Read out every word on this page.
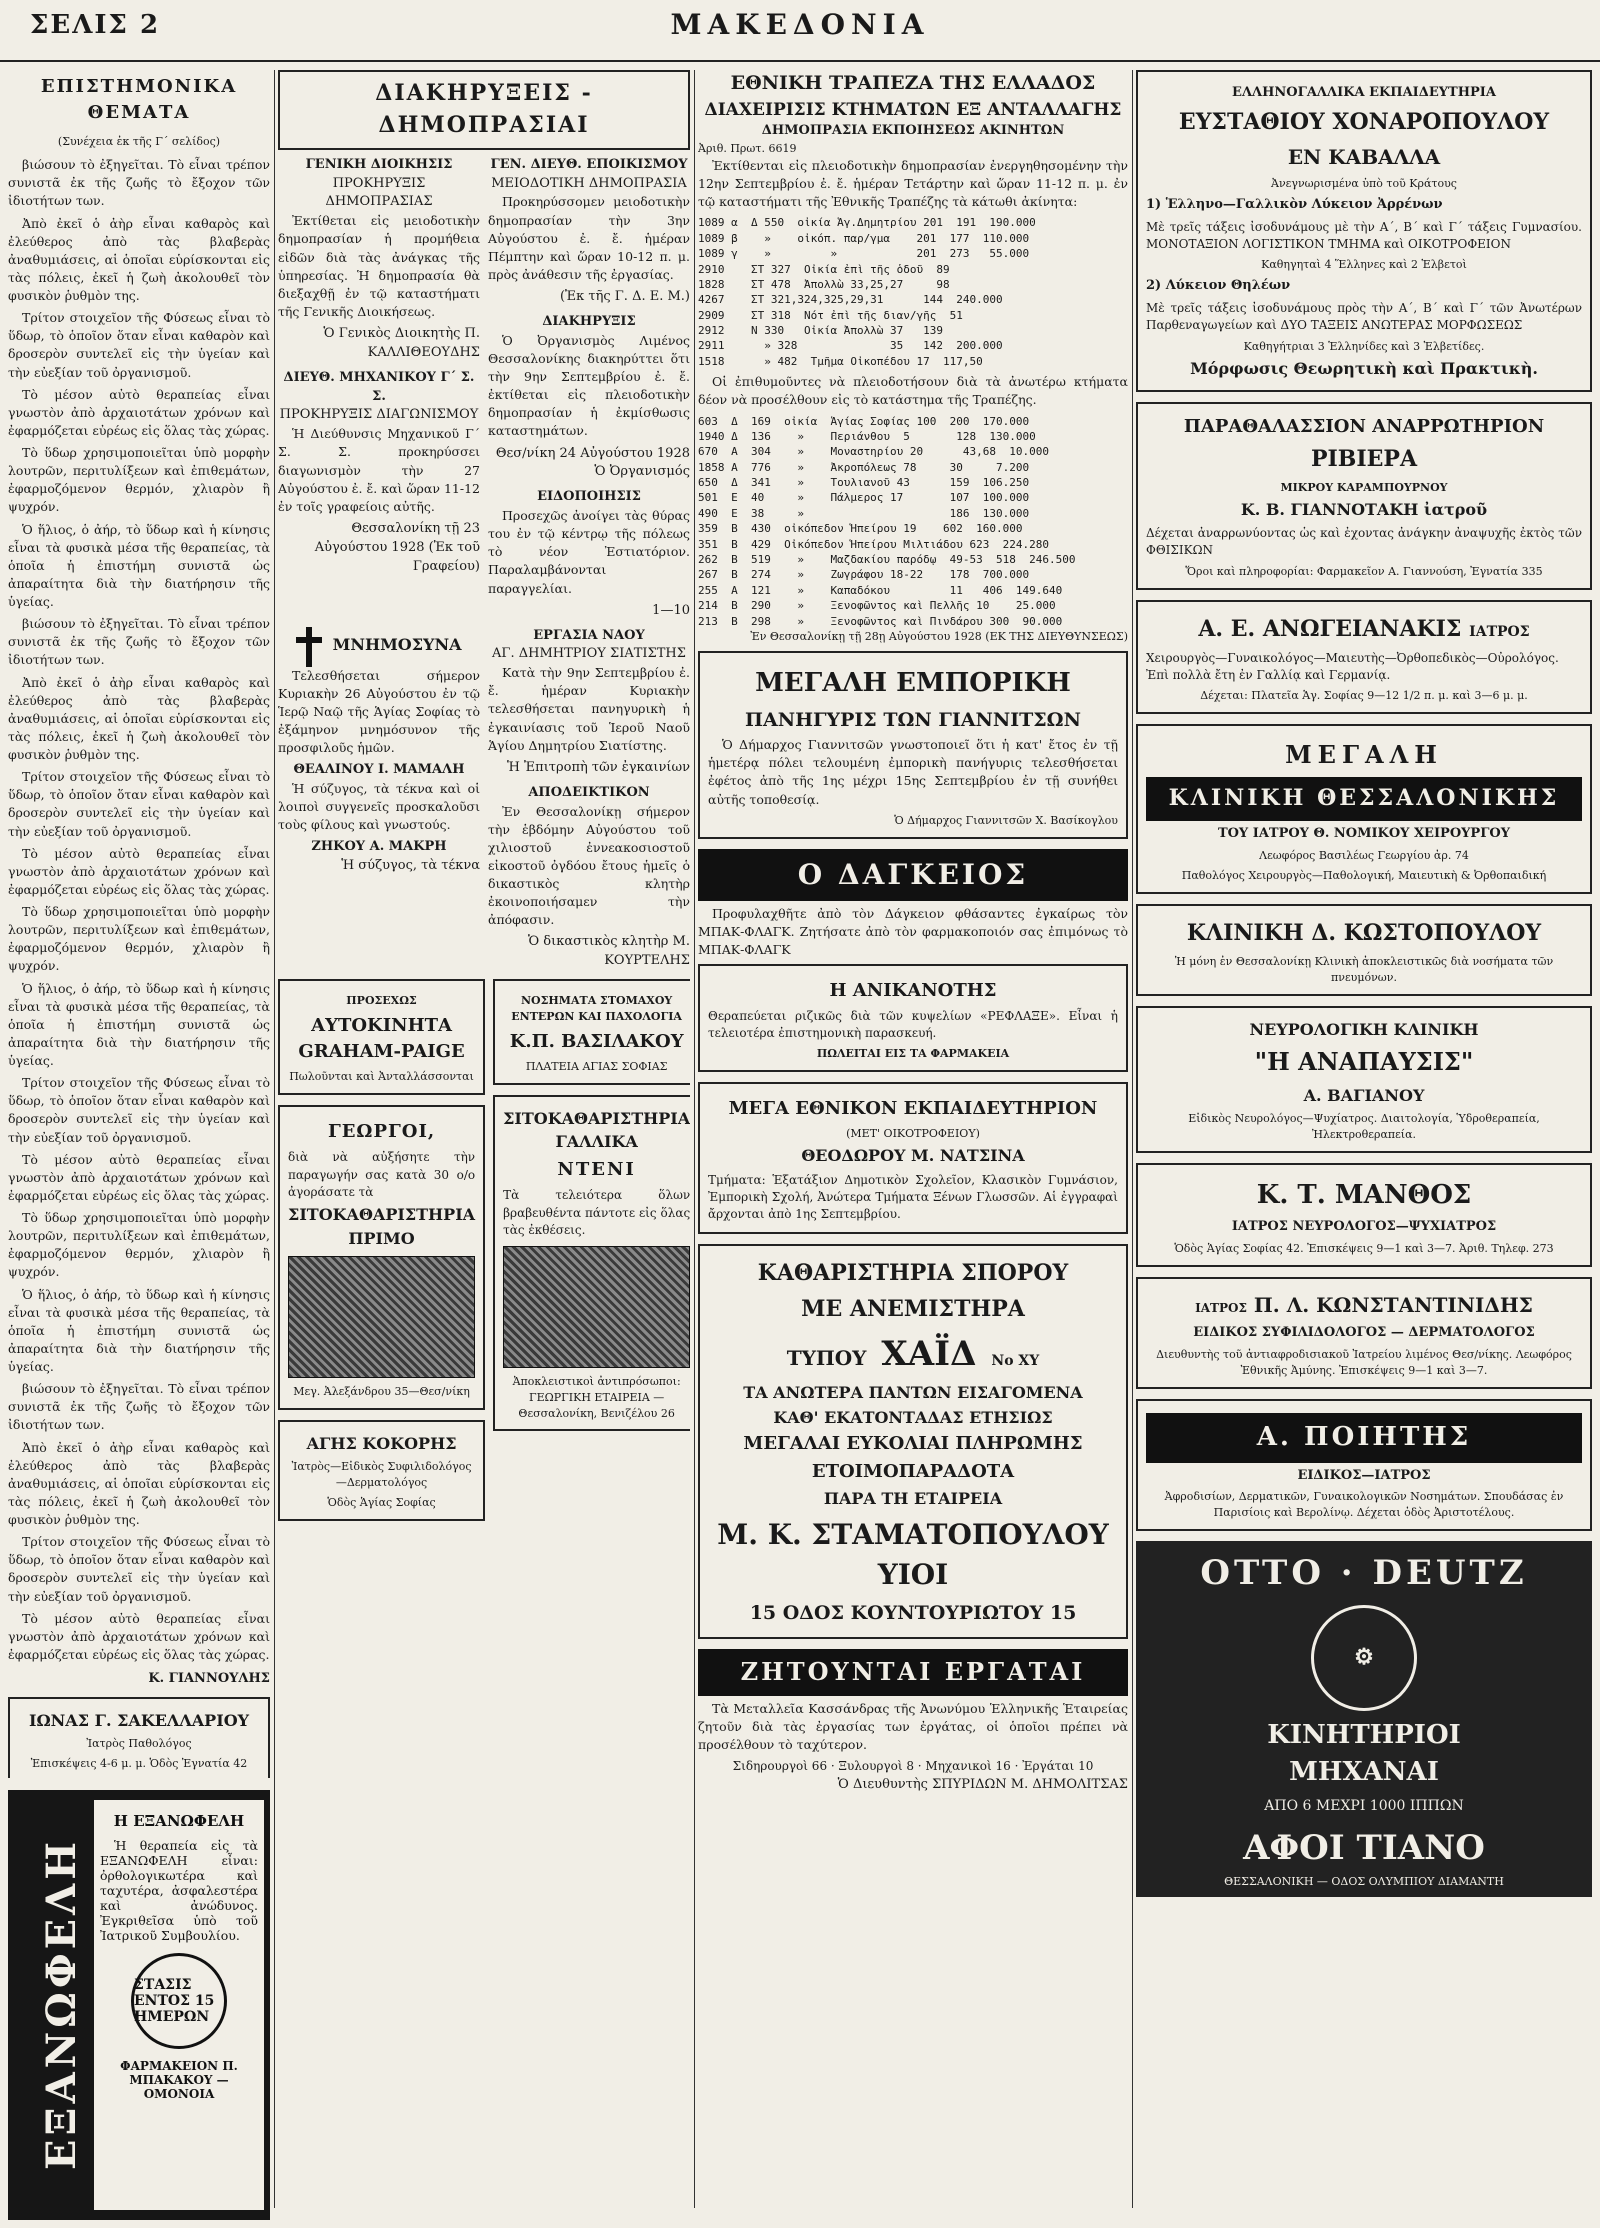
ΣΕΛΙΣ 2	ΜΑΚΕΔΟΝΙΑ
ΕΠΙΣΤΗΜΟΝΙΚΑ ΘΕΜΑΤΑ
(Συνέχεια ἐκ τῆς Γ΄ σελίδος)

βιώσουν τὸ ἐξηγεῖται. Τὸ εἶναι τρέπον συνιστᾶ ἐκ τῆς ζωῆς τὸ ἔξοχον τῶν ἰδιοτήτων των.

Ἀπὸ ἐκεῖ ὁ ἀὴρ εἶναι καθαρὸς καὶ ἐλεύθερος ἀπὸ τὰς βλαβερὰς ἀναθυμιάσεις, αἱ ὁποῖαι εὑρίσκονται εἰς τὰς πόλεις, ἐκεῖ ἡ ζωὴ ἀκολουθεῖ τὸν φυσικὸν ῥυθμὸν της.

Τρίτον στοιχεῖον τῆς Φύσεως εἶναι τὸ ὕδωρ, τὸ ὁποῖον ὅταν εἶναι καθαρὸν καὶ δροσερὸν συντελεῖ εἰς τὴν ὑγείαν καὶ τὴν εὐεξίαν τοῦ ὀργανισμοῦ.

Τὸ μέσον αὐτὸ θεραπείας εἶναι γνωστὸν ἀπὸ ἀρχαιοτάτων χρόνων καὶ ἐφαρμόζεται εὐρέως εἰς ὅλας τὰς χώρας.

Τὸ ὕδωρ χρησιμοποιεῖται ὑπὸ μορφὴν λουτρῶν, περιτυλίξεων καὶ ἐπιθεμάτων, ἐφαρμοζόμενον θερμόν, χλιαρὸν ἢ ψυχρόν.

Ὁ ἥλιος, ὁ ἀήρ, τὸ ὕδωρ καὶ ἡ κίνησις εἶναι τὰ φυσικὰ μέσα τῆς θεραπείας, τὰ ὁποῖα ἡ ἐπιστήμη συνιστᾶ ὡς ἀπαραίτητα διὰ τὴν διατήρησιν τῆς ὑγείας.

βιώσουν τὸ ἐξηγεῖται. Τὸ εἶναι τρέπον συνιστᾶ ἐκ τῆς ζωῆς τὸ ἔξοχον τῶν ἰδιοτήτων των.

Ἀπὸ ἐκεῖ ὁ ἀὴρ εἶναι καθαρὸς καὶ ἐλεύθερος ἀπὸ τὰς βλαβερὰς ἀναθυμιάσεις, αἱ ὁποῖαι εὑρίσκονται εἰς τὰς πόλεις, ἐκεῖ ἡ ζωὴ ἀκολουθεῖ τὸν φυσικὸν ῥυθμὸν της.

Τρίτον στοιχεῖον τῆς Φύσεως εἶναι τὸ ὕδωρ, τὸ ὁποῖον ὅταν εἶναι καθαρὸν καὶ δροσερὸν συντελεῖ εἰς τὴν ὑγείαν καὶ τὴν εὐεξίαν τοῦ ὀργανισμοῦ.

Τὸ μέσον αὐτὸ θεραπείας εἶναι γνωστὸν ἀπὸ ἀρχαιοτάτων χρόνων καὶ ἐφαρμόζεται εὐρέως εἰς ὅλας τὰς χώρας.

Τὸ ὕδωρ χρησιμοποιεῖται ὑπὸ μορφὴν λουτρῶν, περιτυλίξεων καὶ ἐπιθεμάτων, ἐφαρμοζόμενον θερμόν, χλιαρὸν ἢ ψυχρόν.

Ὁ ἥλιος, ὁ ἀήρ, τὸ ὕδωρ καὶ ἡ κίνησις εἶναι τὰ φυσικὰ μέσα τῆς θεραπείας, τὰ ὁποῖα ἡ ἐπιστήμη συνιστᾶ ὡς ἀπαραίτητα διὰ τὴν διατήρησιν τῆς ὑγείας.

Τρίτον στοιχεῖον τῆς Φύσεως εἶναι τὸ ὕδωρ, τὸ ὁποῖον ὅταν εἶναι καθαρὸν καὶ δροσερὸν συντελεῖ εἰς τὴν ὑγείαν καὶ τὴν εὐεξίαν τοῦ ὀργανισμοῦ.

Τὸ μέσον αὐτὸ θεραπείας εἶναι γνωστὸν ἀπὸ ἀρχαιοτάτων χρόνων καὶ ἐφαρμόζεται εὐρέως εἰς ὅλας τὰς χώρας.

Τὸ ὕδωρ χρησιμοποιεῖται ὑπὸ μορφὴν λουτρῶν, περιτυλίξεων καὶ ἐπιθεμάτων, ἐφαρμοζόμενον θερμόν, χλιαρὸν ἢ ψυχρόν.

Ὁ ἥλιος, ὁ ἀήρ, τὸ ὕδωρ καὶ ἡ κίνησις εἶναι τὰ φυσικὰ μέσα τῆς θεραπείας, τὰ ὁποῖα ἡ ἐπιστήμη συνιστᾶ ὡς ἀπαραίτητα διὰ τὴν διατήρησιν τῆς ὑγείας.

βιώσουν τὸ ἐξηγεῖται. Τὸ εἶναι τρέπον συνιστᾶ ἐκ τῆς ζωῆς τὸ ἔξοχον τῶν ἰδιοτήτων των.

Ἀπὸ ἐκεῖ ὁ ἀὴρ εἶναι καθαρὸς καὶ ἐλεύθερος ἀπὸ τὰς βλαβερὰς ἀναθυμιάσεις, αἱ ὁποῖαι εὑρίσκονται εἰς τὰς πόλεις, ἐκεῖ ἡ ζωὴ ἀκολουθεῖ τὸν φυσικὸν ῥυθμὸν της.

Τρίτον στοιχεῖον τῆς Φύσεως εἶναι τὸ ὕδωρ, τὸ ὁποῖον ὅταν εἶναι καθαρὸν καὶ δροσερὸν συντελεῖ εἰς τὴν ὑγείαν καὶ τὴν εὐεξίαν τοῦ ὀργανισμοῦ.

Τὸ μέσον αὐτὸ θεραπείας εἶναι γνωστὸν ἀπὸ ἀρχαιοτάτων χρόνων καὶ ἐφαρμόζεται εὐρέως εἰς ὅλας τὰς χώρας.

Κ. ΓΙΑΝΝΟΥΛΗΣ
ΙΩΝΑΣ Γ. ΣΑΚΕΛΛΑΡΙΟΥ
Ἰατρὸς Παθολόγος
Ἐπισκέψεις 4-6 μ. μ. Ὁδὸς Ἐγνατία 42
ΕΞΑΝΩΦΕΛΗ
Η ΕΞΑΝΩΦΕΛΗ

Ἡ θεραπεία εἰς τὰ ΕΞΑΝΩΦΕΛΗ εἶναι: ὀρθολογικωτέρα καὶ ταχυτέρα, ἀσφαλεστέρα καὶ ἀνώδυνος. Ἐγκριθεῖσα ὑπὸ τοῦ Ἰατρικοῦ Συμβουλίου.

ΣΤΑΣΙΣ ΕΝΤΟΣ 15 ΗΜΕΡΩΝ
ΦΑΡΜΑΚΕΙΟΝ Π. ΜΠΑΚΑΚΟΥ — ΟΜΟΝΟΙΑ
ΔΙΑΚΗΡΥΞΕΙΣ - ΔΗΜΟΠΡΑΣΙΑΙ
ΓΕΝΙΚΗ ΔΙΟΙΚΗΣΙΣ
ΠΡΟΚΗΡΥΞΙΣ ΔΗΜΟΠΡΑΣΙΑΣ

Ἐκτίθεται εἰς μειοδοτικὴν δημοπρασίαν ἡ προμήθεια εἰδῶν διὰ τὰς ἀνάγκας τῆς ὑπηρεσίας. Ἡ δημοπρασία θὰ διεξαχθῇ ἐν τῷ καταστήματι τῆς Γενικῆς Διοικήσεως.

Ὁ Γενικὸς Διοικητὴς Π. ΚΑΛΛΙΘΕΟΥΔΗΣ
ΔΙΕΥΘ. ΜΗΧΑΝΙΚΟΥ Γ΄ Σ. Σ.
ΠΡΟΚΗΡΥΞΙΣ ΔΙΑΓΩΝΙΣΜΟΥ

Ἡ Διεύθυνσις Μηχανικοῦ Γ΄ Σ. Σ. προκηρύσσει διαγωνισμὸν τὴν 27 Αὐγούστου ἐ. ἔ. καὶ ὥραν 11-12 ἐν τοῖς γραφείοις αὐτῆς.

Θεσσαλονίκη τῇ 23 Αὐγούστου 1928 (Ἐκ τοῦ Γραφείου)
ΓΕΝ. ΔΙΕΥΘ. ΕΠΟΙΚΙΣΜΟΥ
ΜΕΙΟΔΟΤΙΚΗ ΔΗΜΟΠΡΑΣΙΑ

Προκηρύσσομεν μειοδοτικὴν δημοπρασίαν τὴν 3ην Αὐγούστου ἐ. ἔ. ἡμέραν Πέμπτην καὶ ὥραν 10-12 π. μ. πρὸς ἀνάθεσιν τῆς ἐργασίας.

(Ἐκ τῆς Γ. Δ. Ε. Μ.)
ΔΙΑΚΗΡΥΞΙΣ

Ὁ Ὀργανισμὸς Λιμένος Θεσσαλονίκης διακηρύττει ὅτι τὴν 9ην Σεπτεμβρίου ἐ. ἔ. ἐκτίθεται εἰς πλειοδοτικὴν δημοπρασίαν ἡ ἐκμίσθωσις καταστημάτων.

Θεσ/νίκη 24 Αὐγούστου 1928 Ὁ Ὀργανισμός
ΕΙΔΟΠΟΙΗΣΙΣ

Προσεχῶς ἀνοίγει τὰς θύρας του ἐν τῷ κέντρῳ τῆς πόλεως τὸ νέον Ἐστιατόριον. Παραλαμβάνονται παραγγελίαι.

1—10
ΜΝΗΜΟΣΥΝΑ

Τελεσθήσεται σήμερον Κυριακὴν 26 Αὐγούστου ἐν τῷ Ἱερῷ Ναῷ τῆς Ἁγίας Σοφίας τὸ ἐξάμηνον μνημόσυνον τῆς προσφιλοῦς ἡμῶν.

ΘΕΑΛΙΝΟΥ Ι. ΜΑΜΑΛΗ

Ἡ σύζυγος, τὰ τέκνα καὶ οἱ λοιποὶ συγγενεῖς προσκαλοῦσι τοὺς φίλους καὶ γνωστούς.

ΖΗΚΟΥ Α. ΜΑΚΡΗ
Ἡ σύζυγος, τὰ τέκνα
ΕΡΓΑΣΙΑ ΝΑΟΥ
ΑΓ. ΔΗΜΗΤΡΙΟΥ ΣΙΑΤΙΣΤΗΣ

Κατὰ τὴν 9ην Σεπτεμβρίου ἐ. ἔ. ἡμέραν Κυριακὴν τελεσθήσεται πανηγυρικὴ ἡ ἐγκαινίασις τοῦ Ἱεροῦ Ναοῦ Ἁγίου Δημητρίου Σιατίστης.

Ἡ Ἐπιτροπὴ τῶν ἐγκαινίων
ΑΠΟΔΕΙΚΤΙΚΟΝ

Ἐν Θεσσαλονίκῃ σήμερον τὴν ἑβδόμην Αὐγούστου τοῦ χιλιοστοῦ ἐννεακοσιοστοῦ εἰκοστοῦ ὀγδόου ἔτους ἡμεῖς ὁ δικαστικὸς κλητὴρ ἐκοινοποιήσαμεν τὴν ἀπόφασιν.

Ὁ δικαστικὸς κλητὴρ Μ. ΚΟΥΡΤΕΛΗΣ
ΠΡΟΣΕΧΩΣ
ΑΥΤΟΚΙΝΗΤΑ GRAHAM-PAIGE
Πωλοῦνται καὶ Ἀνταλλάσσονται
ΓΕΩΡΓΟΙ,
διὰ νὰ αὐξήσητε τὴν παραγωγήν σας κατὰ 30 ο/ο ἀγοράσατε τὰ
ΣΙΤΟΚΑΘΑΡΙΣΤΗΡΙΑ ΠΡΙΜΟ
Μεγ. Ἀλεξάνδρου 35—Θεσ/νίκη
ΑΓΗΣ ΚΟΚΟΡΗΣ
Ἰατρὸς—Εἰδικὸς Συφιλιδολόγος—Δερματολόγος
Ὁδὸς Ἁγίας Σοφίας
ΝΟΣΗΜΑΤΑ ΣΤΟΜΑΧΟΥ ΕΝΤΕΡΩΝ ΚΑΙ ΠΑΧΟΛΟΓΙΑ
Κ.Π. ΒΑΣΙΛΑΚΟΥ
ΠΛΑΤΕΙΑ ΑΓΙΑΣ ΣΟΦΙΑΣ
ΣΙΤΟΚΑΘΑΡΙΣΤΗΡΙΑ ΓΑΛΛΙΚΑ
ΝΤΕΝΙ
Τὰ τελειότερα ὅλων βραβευθέντα πάντοτε εἰς ὅλας τὰς ἐκθέσεις.
Ἀποκλειστικοὶ ἀντιπρόσωποι: ΓΕΩΡΓΙΚΗ ΕΤΑΙΡΕΙΑ — Θεσσαλονίκη, Βενιζέλου 26
ΕΘΝΙΚΗ ΤΡΑΠΕΖΑ ΤΗΣ ΕΛΛΑΔΟΣ
ΔΙΑΧΕΙΡΙΣΙΣ ΚΤΗΜΑΤΩΝ ΕΞ ΑΝΤΑΛΛΑΓΗΣ
ΔΗΜΟΠΡΑΣΙΑ ΕΚΠΟΙΗΣΕΩΣ ΑΚΙΝΗΤΩΝ
Ἀριθ. Πρωτ. 6619

Ἐκτίθενται εἰς πλειοδοτικὴν δημοπρασίαν ἐνεργηθησομένην τὴν 12ην Σεπτεμβρίου ἐ. ἔ. ἡμέραν Τετάρτην καὶ ὥραν 11-12 π. μ. ἐν τῷ καταστήματι τῆς Ἐθνικῆς Τραπέζης τὰ κάτωθι ἀκίνητα:

1089 α  Δ 550  οἰκία Ἁγ.Δημητρίου 201  191  190.000
1089 β    »    οἰκόπ. παρ/γμα    201  177  110.000
1089 γ    »         »            201  273   55.000
2910    ΣΤ 327  Οἰκία ἐπὶ τῆς ὁδοῦ  89
1828    ΣΤ 478  Ἀπολλὼ 33,25,27     98
4267    ΣΤ 321,324,325,29,31      144  240.000
2909    ΣΤ 318  Νότ ἐπὶ τῆς διαν/γῆς  51
2912    Ν 330   Οἰκία Ἀπολλὼ 37   139
2911      » 328              35   142  200.000
1518      » 482  Τμῆμα Οἰκοπέδου 17  117,50

Οἱ ἐπιθυμοῦντες νὰ πλειοδοτήσουν διὰ τὰ ἀνωτέρω κτήματα δέον νὰ προσέλθουν εἰς τὸ κατάστημα τῆς Τραπέζης.

603  Δ  169  οἰκία  Ἁγίας Σοφίας 100  200  170.000
1940 Δ  136    »    Περιάνθου  5       128  130.000
670  Α  304    »    Μοναστηρίου 20      43,68  10.000
1858 Α  776    »    Ἀκροπόλεως 78     30     7.200
650  Δ  341    »    Τουλιανοῦ 43      159  106.250
501  Ε  40     »    Πάλμερος 17       107  100.000
490  Ε  38     »                      186  130.000
359  Β  430  οἰκόπεδον Ἡπείρου 19    602  160.000
351  Β  429  Οἰκόπεδον Ἡπείρου Μιλτιάδου 623  224.280
262  Β  519    »    Μαζδακίου παρόδῳ  49-53  518  246.500
267  Β  274    »    Ζωγράφου 18-22    178  700.000
255  Α  121    »    Καπαδόκου         11   406  149.640
214  Β  290    »    Ξενοφῶντος καὶ Πελλῆς 10    25.000
213  Β  298    »    Ξενοφῶντος καὶ Πινδάρου 300  90.000
Ἐν Θεσσαλονίκῃ τῇ 28ῃ Αὐγούστου 1928 (ΕΚ ΤΗΣ ΔΙΕΥΘΥΝΣΕΩΣ)
ΜΕΓΑΛΗ ΕΜΠΟΡΙΚΗ
ΠΑΝΗΓΥΡΙΣ ΤΩΝ ΓΙΑΝΝΙΤΣΩΝ

Ὁ Δήμαρχος Γιαννιτσῶν γνωστοποιεῖ ὅτι ἡ κατ' ἔτος ἐν τῇ ἡμετέρᾳ πόλει τελουμένη ἐμπορικὴ πανήγυρις τελεσθήσεται ἐφέτος ἀπὸ τῆς 1ης μέχρι 15ης Σεπτεμβρίου ἐν τῇ συνήθει αὐτῆς τοποθεσίᾳ.

Ὁ Δήμαρχος Γιαννιτσῶν Χ. Βασίκογλου
Ο ΔΑΓΚΕΙΟΣ

Προφυλαχθῆτε ἀπὸ τὸν Δάγκειον φθάσαντες ἐγκαίρως τὸν ΜΠΑΚ-ΦΛΑΓΚ. Ζητήσατε ἀπὸ τὸν φαρμακοποιόν σας ἐπιμόνως τὸ ΜΠΑΚ-ΦΛΑΓΚ

Η ΑΝΙΚΑΝΟΤΗΣ
Θεραπεύεται ριζικῶς διὰ τῶν κυψελίων «ΡΕΦΛΑΞΕ». Εἶναι ἡ τελειοτέρα ἐπιστημονικὴ παρασκευή.
ΠΩΛΕΙΤΑΙ ΕΙΣ ΤΑ ΦΑΡΜΑΚΕΙΑ
ΜΕΓΑ ΕΘΝΙΚΟΝ ΕΚΠΑΙΔΕΥΤΗΡΙΟΝ
(ΜΕΤ' ΟΙΚΟΤΡΟΦΕΙΟΥ)
ΘΕΟΔΩΡΟΥ Μ. ΝΑΤΣΙΝΑ
Τμήματα: Ἑξατάξιον Δημοτικὸν Σχολεῖον, Κλασικὸν Γυμνάσιον, Ἐμπορικὴ Σχολή, Ἀνώτερα Τμήματα Ξένων Γλωσσῶν. Αἱ ἐγγραφαὶ ἄρχονται ἀπὸ 1ης Σεπτεμβρίου.
ΚΑΘΑΡΙΣΤΗΡΙΑ ΣΠΟΡΟΥ
ΜΕ ΑΝΕΜΙΣΤΗΡΑ
ΤΥΠΟΥ ΧΑΪΔ Νο XY
ΤΑ ΑΝΩΤΕΡΑ ΠΑΝΤΩΝ ΕΙΣΑΓΟΜΕΝΑ
ΚΑΘ' ΕΚΑΤΟΝΤΑΔΑΣ ΕΤΗΣΙΩΣ
ΜΕΓΑΛΑΙ ΕΥΚΟΛΙΑΙ ΠΛΗΡΩΜΗΣ
ΕΤΟΙΜΟΠΑΡΑΔΟΤΑ
ΠΑΡΑ ΤΗ ΕΤΑΙΡΕΙΑ
Μ. Κ. ΣΤΑΜΑΤΟΠΟΥΛΟΥ ΥΙΟΙ
15 ΟΔΟΣ ΚΟΥΝΤΟΥΡΙΩΤΟΥ 15
ΖΗΤΟΥΝΤΑΙ ΕΡΓΑΤΑΙ

Τὰ Μεταλλεῖα Κασσάνδρας τῆς Ἀνωνύμου Ἑλληνικῆς Ἑταιρείας ζητοῦν διὰ τὰς ἐργασίας των ἐργάτας, οἱ ὁποῖοι πρέπει νὰ προσέλθουν τὸ ταχύτερον.

Σιδηρουργοὶ 66 · Ξυλουργοὶ 8 · Μηχανικοὶ 16 · Ἐργάται 10
Ὁ Διευθυντὴς ΣΠΥΡΙΔΩΝ Μ. ΔΗΜΟΛΙΤΣΑΣ
ΕΛΛΗΝΟΓΑΛΛΙΚΑ ΕΚΠΑΙΔΕΥΤΗΡΙΑ
ΕΥΣΤΑΘΙΟΥ ΧΟΝΑΡΟΠΟΥΛΟΥ
ΕΝ ΚΑΒΑΛΛΑ
Ἀνεγνωρισμένα ὑπὸ τοῦ Κράτους
1) Ἑλληνο—Γαλλικὸν Λύκειον Ἀρρένων
Μὲ τρεῖς τάξεις ἰσοδυνάμους μὲ τὴν Α΄, Β΄ καὶ Γ΄ τάξεις Γυμνασίου. ΜΟΝΟΤΑΞΙΟΝ ΛΟΓΙΣΤΙΚΟΝ ΤΜΗΜΑ καὶ ΟΙΚΟΤΡΟΦΕΙΟΝ
Καθηγηταὶ 4 Ἕλληνες καὶ 2 Ἑλβετοὶ
2) Λύκειον Θηλέων
Μὲ τρεῖς τάξεις ἰσοδυνάμους πρὸς τὴν Α΄, Β΄ καὶ Γ΄ τῶν Ἀνωτέρων Παρθεναγωγείων καὶ ΔΥΟ ΤΑΞΕΙΣ ΑΝΩΤΕΡΑΣ ΜΟΡΦΩΣΕΩΣ
Καθηγήτριαι 3 Ἑλληνίδες καὶ 3 Ἑλβετίδες.
Μόρφωσις Θεωρητικὴ καὶ Πρακτικὴ.
ΠΑΡΑΘΑΛΑΣΣΙΟΝ ΑΝΑΡΡΩΤΗΡΙΟΝ
ΡΙΒΙΕΡΑ
ΜΙΚΡΟΥ ΚΑΡΑΜΠΟΥΡΝΟΥ
Κ. Β. ΓΙΑΝΝΟΤΑΚΗ ἰατροῦ
Δέχεται ἀναρρωνύοντας ὡς καὶ ἐχοντας ἀνάγκην ἀναψυχῆς ἐκτὸς τῶν ΦΘΙΣΙΚΩΝ
Ὅροι καὶ πληροφορίαι: Φαρμακεῖον Α. Γιαννούση, Ἐγνατία 335
Α. Ε. ΑΝΩΓΕΙΑΝΑΚΙΣ ΙΑΤΡΟΣ
Χειρουργὸς—Γυναικολόγος—Μαιευτὴς—Ὀρθοπεδικὸς—Οὐρολόγος. Ἐπὶ πολλὰ ἔτη ἐν Γαλλίᾳ καὶ Γερμανίᾳ.
Δέχεται: Πλατεῖα Ἁγ. Σοφίας 9—12 1/2 π. μ. καὶ 3—6 μ. μ.
ΜΕΓΑΛΗ
ΚΛΙΝΙΚΗ ΘΕΣΣΑΛΟΝΙΚΗΣ
ΤΟΥ ΙΑΤΡΟΥ Θ. ΝΟΜΙΚΟΥ ΧΕΙΡΟΥΡΓΟΥ
Λεωφόρος Βασιλέως Γεωργίου ἀρ. 74
Παθολόγος Χειρουργὸς—Παθολογική, Μαιευτικὴ & Ὀρθοπαιδική
ΚΛΙΝΙΚΗ Δ. ΚΩΣΤΟΠΟΥΛΟΥ
Ἡ μόνη ἐν Θεσσαλονίκῃ Κλινικὴ ἀποκλειστικῶς διὰ νοσήματα τῶν πνευμόνων.
ΝΕΥΡΟΛΟΓΙΚΗ ΚΛΙΝΙΚΗ
"Η ΑΝΑΠΑΥΣΙΣ"
Α. ΒΑΓΙΑΝΟΥ
Εἰδικὸς Νευρολόγος—Ψυχίατρος. Διαιτολογία, Ὑδροθεραπεία, Ἠλεκτροθεραπεία.
Κ. Τ. ΜΑΝΘΟΣ
ΙΑΤΡΟΣ ΝΕΥΡΟΛΟΓΟΣ—ΨΥΧΙΑΤΡΟΣ
Ὁδὸς Ἁγίας Σοφίας 42. Ἐπισκέψεις 9—1 καὶ 3—7. Ἀριθ. Τηλεφ. 273
ΙΑΤΡΟΣ Π. Λ. ΚΩΝΣΤΑΝΤΙΝΙΔΗΣ
ΕΙΔΙΚΟΣ ΣΥΦΙΛΙΔΟΛΟΓΟΣ — ΔΕΡΜΑΤΟΛΟΓΟΣ
Διευθυντὴς τοῦ ἀντιαφροδισιακοῦ Ἰατρείου λιμένος Θεσ/νίκης. Λεωφόρος Ἐθνικῆς Ἀμύνης. Ἐπισκέψεις 9—1 καὶ 3—7.
Α. ΠΟΙΗΤΗΣ
ΕΙΔΙΚΟΣ—ΙΑΤΡΟΣ
Ἀφροδισίων, Δερματικῶν, Γυναικολογικῶν Νοσημάτων. Σπουδάσας ἐν Παρισίοις καὶ Βερολίνῳ. Δέχεται ὁδὸς Ἀριστοτέλους.
OTTO · DEUTZ
⚙
ΚΙΝΗΤΗΡΙΟΙ
ΜΗΧΑΝΑΙ
ΑΠΟ 6 ΜΕΧΡΙ 1000 ΙΠΠΩΝ
ΑΦΟΙ ΤΙΑΝΟ
ΘΕΣΣΑΛΟΝΙΚΗ — ΟΔΟΣ ΟΛΥΜΠΙΟΥ ΔΙΑΜΑΝΤΗ
